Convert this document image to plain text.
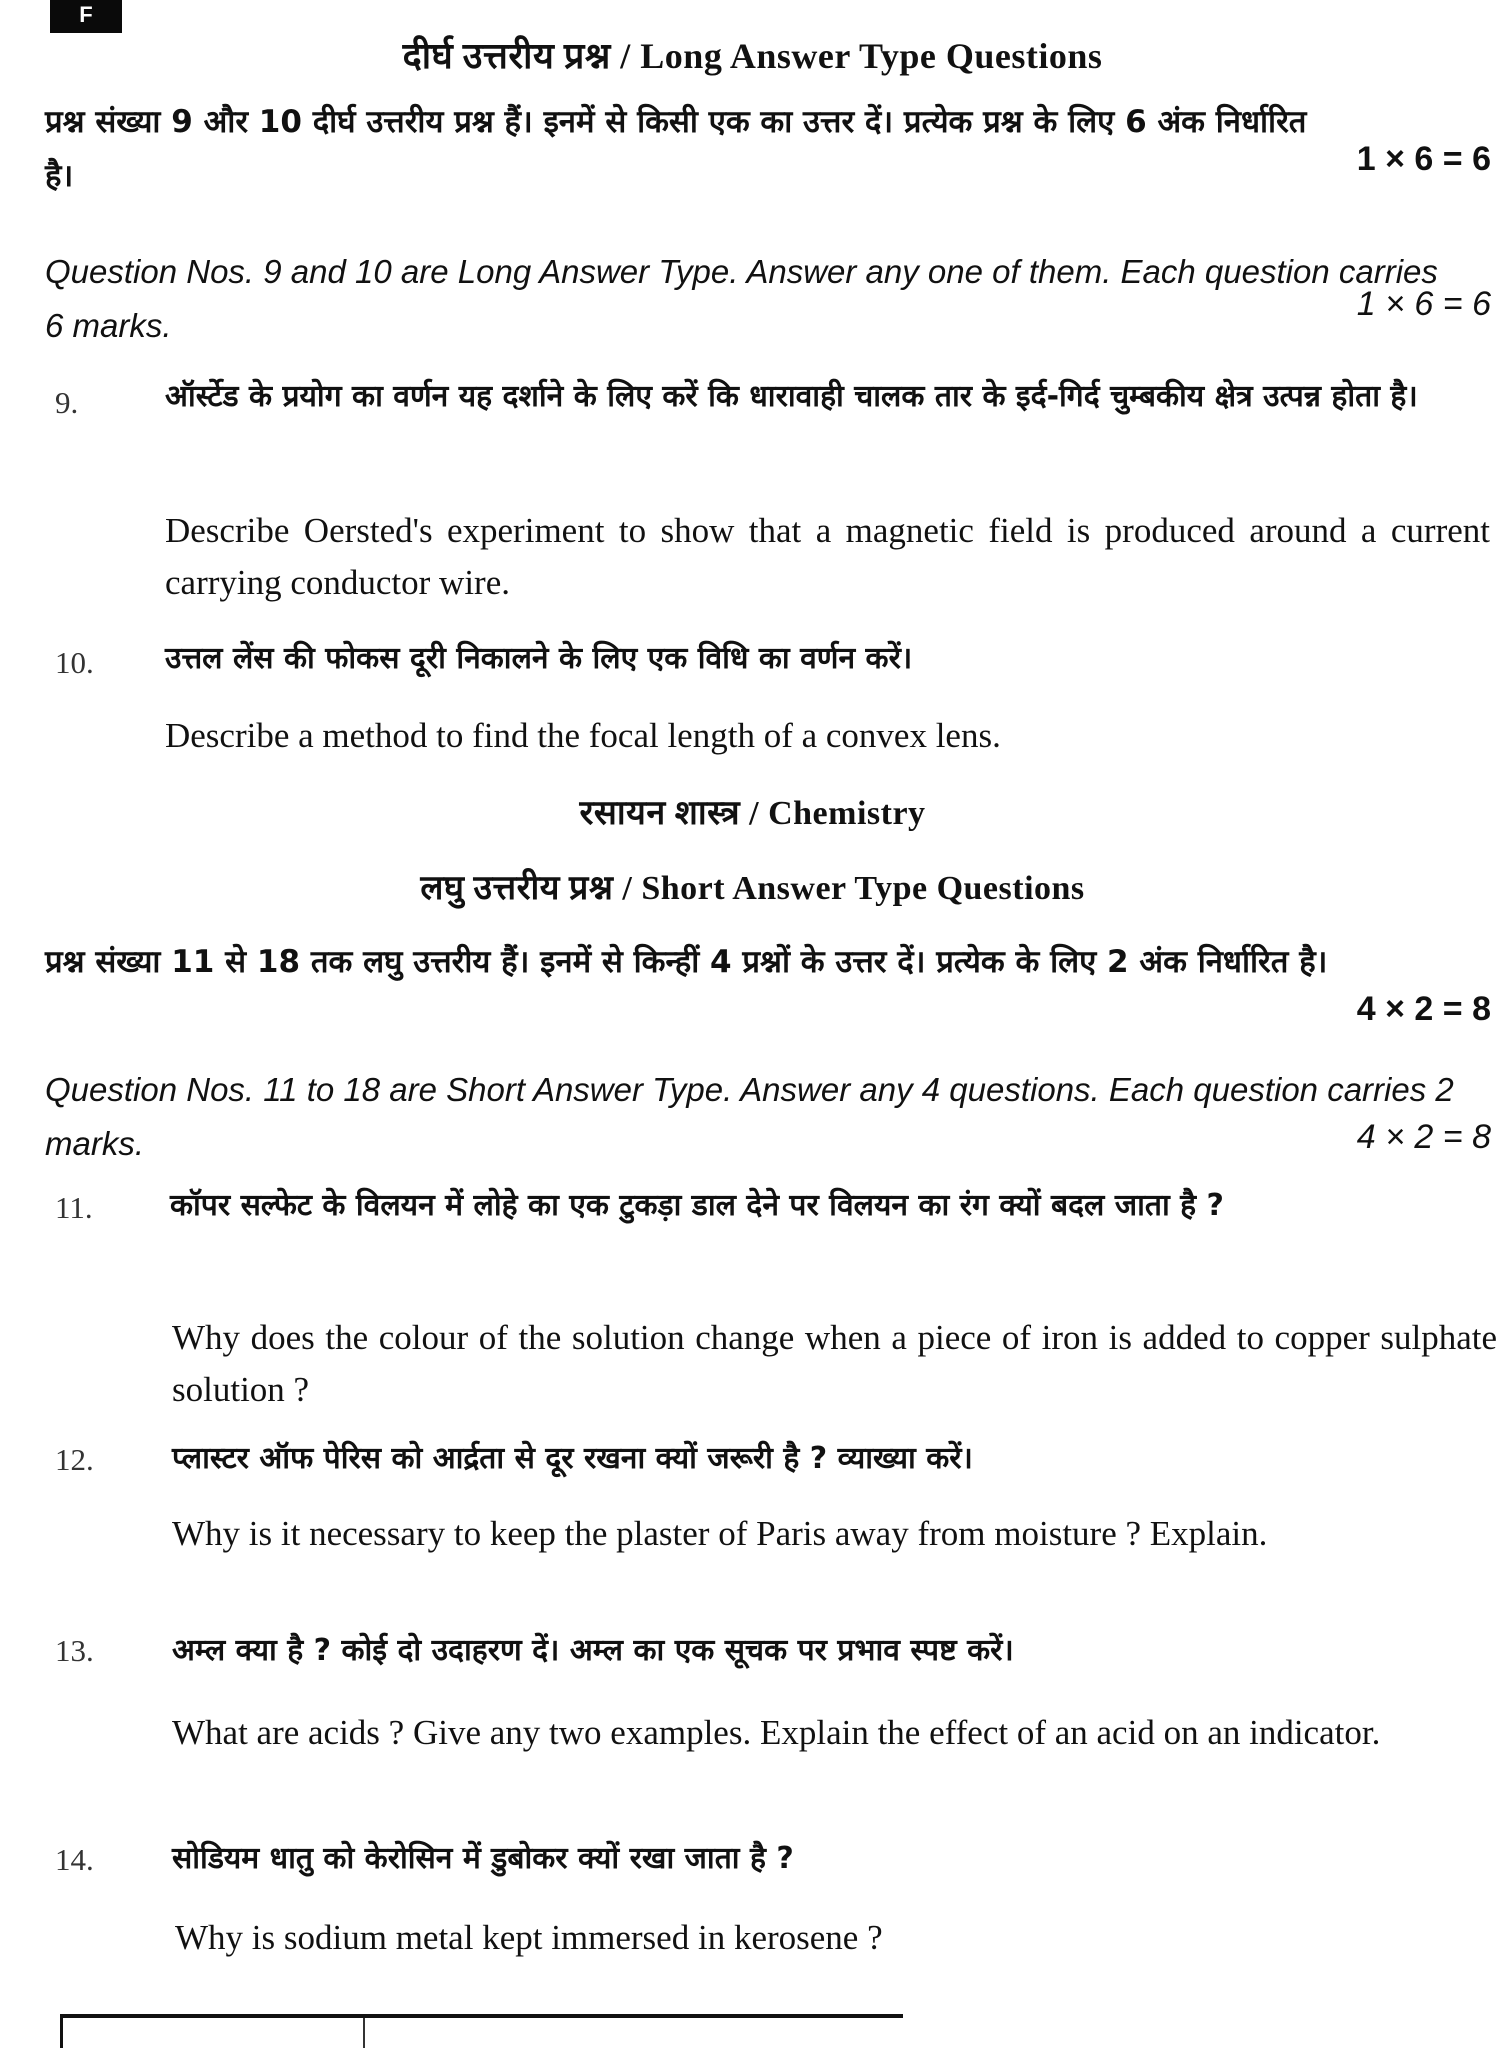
F
दीर्घ उत्तरीय प्रश्न / Long Answer Type Questions
प्रश्न संख्या 9 और 10 दीर्घ उत्तरीय प्रश्न हैं। इनमें से किसी एक का उत्तर दें। प्रत्येक प्रश्न के लिए 6 अंक निर्धारित है।	1 × 6 = 6
Question Nos. 9 and 10 are Long Answer Type. Answer any one of them. Each question carries 6 marks.
1 × 6 = 6
9.	ऑर्स्टेड के प्रयोग का वर्णन यह दर्शाने के लिए करें कि धारावाही चालक तार के इर्द-गिर्द चुम्बकीय क्षेत्र उत्पन्न होता है।
Describe Oersted's experiment to show that a magnetic field is produced around a current carrying conductor wire.
10. उत्तल लेंस की फोकस दूरी निकालने के लिए एक विधि का वर्णन करें।
Describe a method to find the focal length of a convex lens.
रसायन शास्त्र / Chemistry
लघु उत्तरीय प्रश्न / Short Answer Type Questions
प्रश्न संख्या 11 से 18 तक लघु उत्तरीय हैं। इनमें से किन्हीं 4 प्रश्नों के उत्तर दें। प्रत्येक के लिए 2 अंक निर्धारित है।
4 × 2 = 8
Question Nos. 11 to 18 are Short Answer Type. Answer any 4 questions. Each question carries 2 marks.	4 × 2 = 8
11.	कॉपर सल्फेट के विलयन में लोहे का एक टुकड़ा डाल देने पर विलयन का रंग क्यों बदल जाता है ?
Why does the colour of the solution change when a piece of iron is added to copper sulphate solution ?
12.	प्लास्टर ऑफ पेरिस को आर्द्रता से दूर रखना क्यों जरूरी है ? व्याख्या करें।
Why is it necessary to keep the plaster of Paris away from moisture ? Explain.
13.	अम्ल क्या है ? कोई दो उदाहरण दें। अम्ल का एक सूचक पर प्रभाव स्पष्ट करें।
What are acids ? Give any two examples. Explain the effect of an acid on an indicator.
14.	सोडियम धातु को केरोसिन में डुबोकर क्यों रखा जाता है ?
Why is sodium metal kept immersed in kerosene ?
